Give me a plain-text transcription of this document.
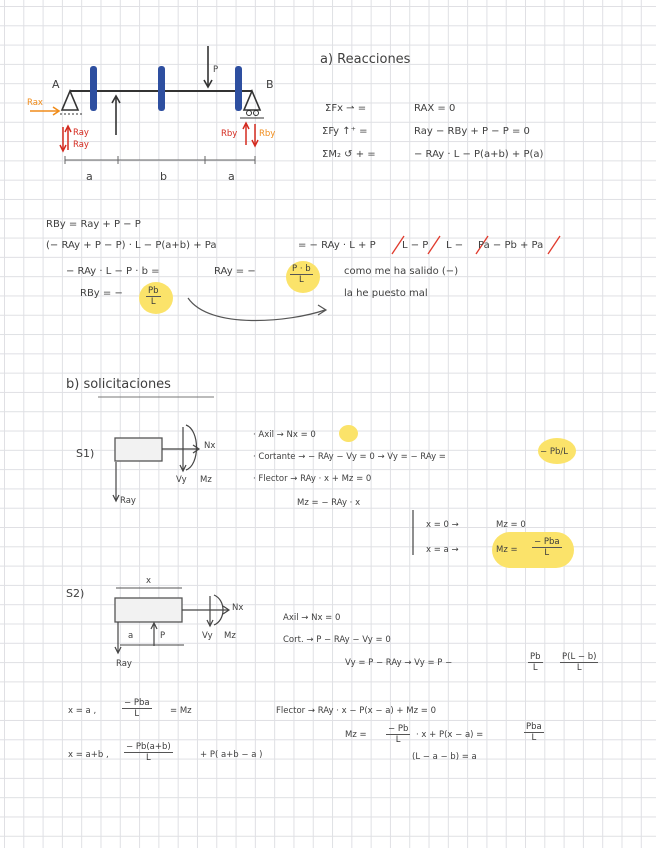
a) Reacciones
A	B
P
Rax
Ray
Ray
Rby	Rby
a	b	a
ΣFx ⇀ =	RAX = 0
ΣFy ↑⁺ =	Ray − RBy + P − P = 0
ΣM₂ ↺ + =	− RAy · L − P(a+b) + P(a)
RBy = Ray + P − P
(− RAy + P − P) · L − P(a+b) + Pa	= − RAy · L + P	L − P L − Pa − Pb + Pa
− RAy · L − P · b =	RAy = −	P · b
L
como me ha salido (−)
RBy = −	Pb
L
la he puesto mal
b) solicitaciones
S1)
Nx
Vy Mz
Ray
· Axil → Nx = 0
· Cortante → − RAy − Vy = 0 → Vy = − RAy =	− Pb/L
· Flector → RAy · x + Mz = 0
Mz = − RAy · x
x = 0 →	Mz = 0
x = a →	Mz =
− Pba
L
S2)
x
Nx
Vy Mz
a	P
Ray
Axil → Nx = 0
Cort. → P − RAy − Vy = 0
Vy = P − RAy → Vy = P −
Pb
L
P(L − b)
L
Flector → RAy · x − P(x − a) + Mz = 0
Mz =
− Pb
L · x + P(x − a) =
Pba
L
(L − a − b) = a
x = a ,
− Pba
L	= Mz
x = a+b ,
− Pb(a+b)
L	+ P( a+b − a )
